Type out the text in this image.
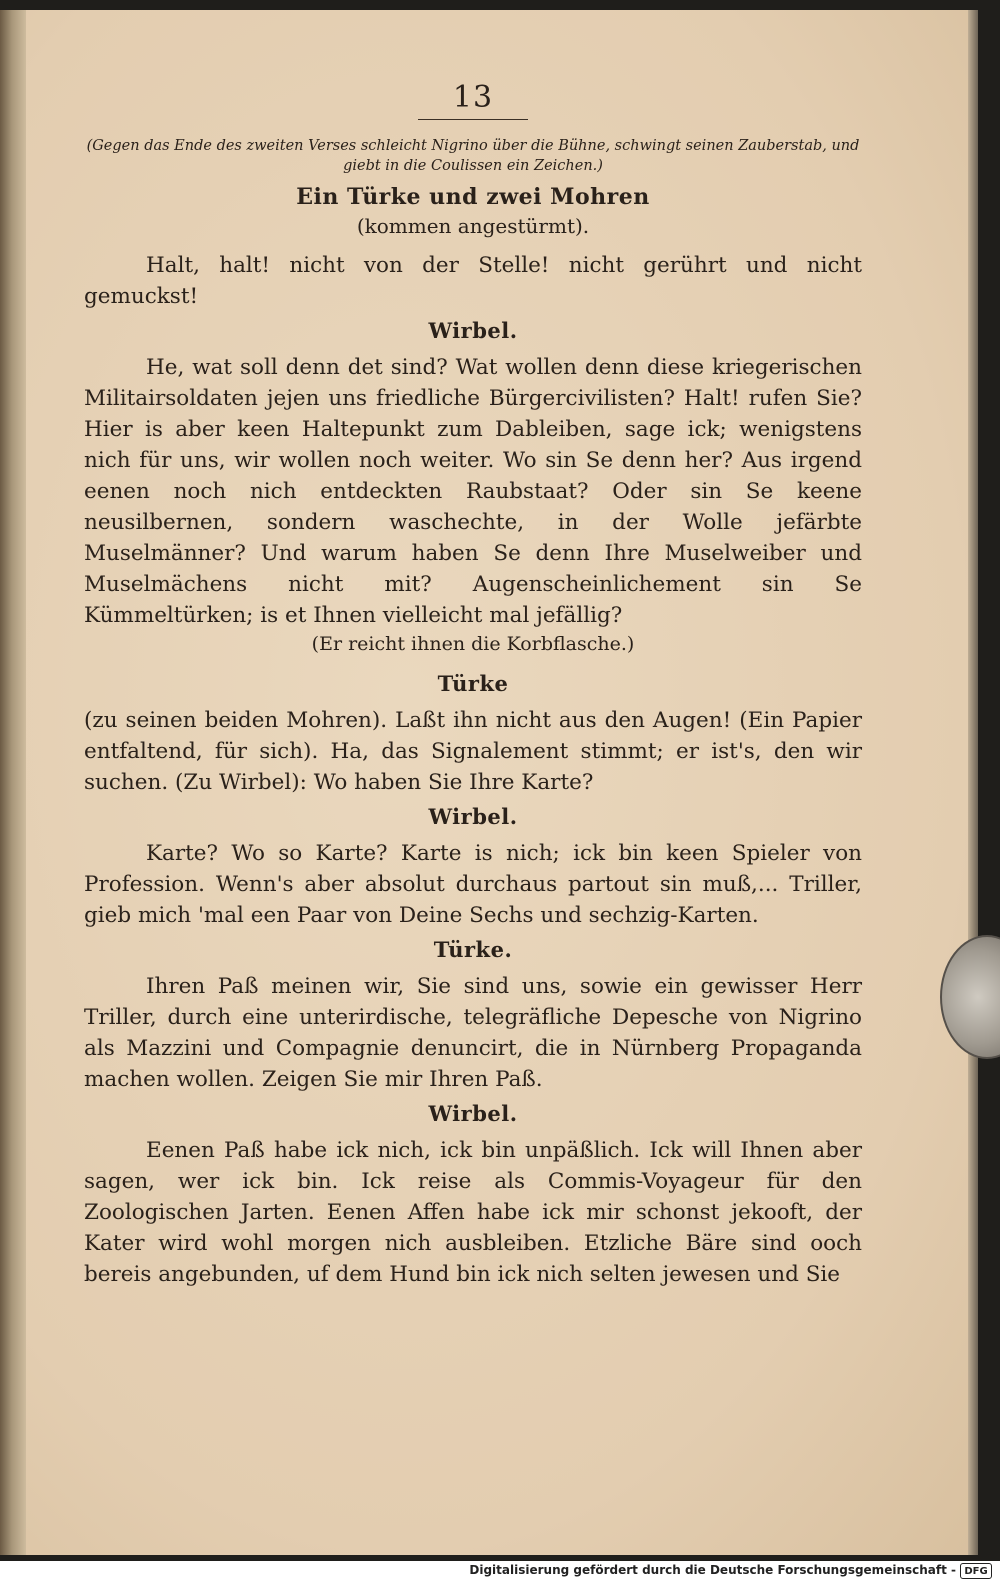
13

(Gegen das Ende des zweiten Verses schleicht Nigrino über die Bühne, schwingt seinen Zauberstab, und giebt in die Coulissen ein Zeichen.)

Ein Türke und zwei Mohren

(kommen angestürmt).

Halt, halt! nicht von der Stelle! nicht gerührt und nicht gemuckst!

Wirbel.

He, wat soll denn det sind? Wat wollen denn diese kriegerischen Militairsoldaten jejen uns friedliche Bürgercivilisten? Halt! rufen Sie? Hier is aber keen Haltepunkt zum Dableiben, sage ick; wenigstens nich für uns, wir wollen noch weiter. Wo sin Se denn her? Aus irgend eenen noch nich entdeckten Raubstaat? Oder sin Se keene neusilbernen, sondern waschechte, in der Wolle jefärbte Muselmänner? Und warum haben Se denn Ihre Muselweiber und Muselmächens nicht mit? Augenscheinlichement sin Se Kümmeltürken; is et Ihnen vielleicht mal jefällig?

(Er reicht ihnen die Korbflasche.)

Türke

(zu seinen beiden Mohren). Laßt ihn nicht aus den Augen! (Ein Papier entfaltend, für sich). Ha, das Signalement stimmt; er ist's, den wir suchen. (Zu Wirbel): Wo haben Sie Ihre Karte?

Wirbel.

Karte? Wo so Karte? Karte is nich; ick bin keen Spieler von Profession. Wenn's aber absolut durchaus partout sin muß,... Triller, gieb mich 'mal een Paar von Deine Sechs und sechzig-Karten.

Türke.

Ihren Paß meinen wir, Sie sind uns, sowie ein gewisser Herr Triller, durch eine unterirdische, telegräfliche Depesche von Nigrino als Mazzini und Compagnie denuncirt, die in Nürnberg Propaganda machen wollen. Zeigen Sie mir Ihren Paß.

Wirbel.

Eenen Paß habe ick nich, ick bin unpäßlich. Ick will Ihnen aber sagen, wer ick bin. Ick reise als Commis-Voyageur für den Zoologischen Jarten. Eenen Affen habe ick mir schonst jekooft, der Kater wird wohl morgen nich ausbleiben. Etzliche Bäre sind ooch bereis angebunden, uf dem Hund bin ick nich selten jewesen und Sie

Digitalisierung gefördert durch die Deutsche Forschungsgemeinschaft - DFG
